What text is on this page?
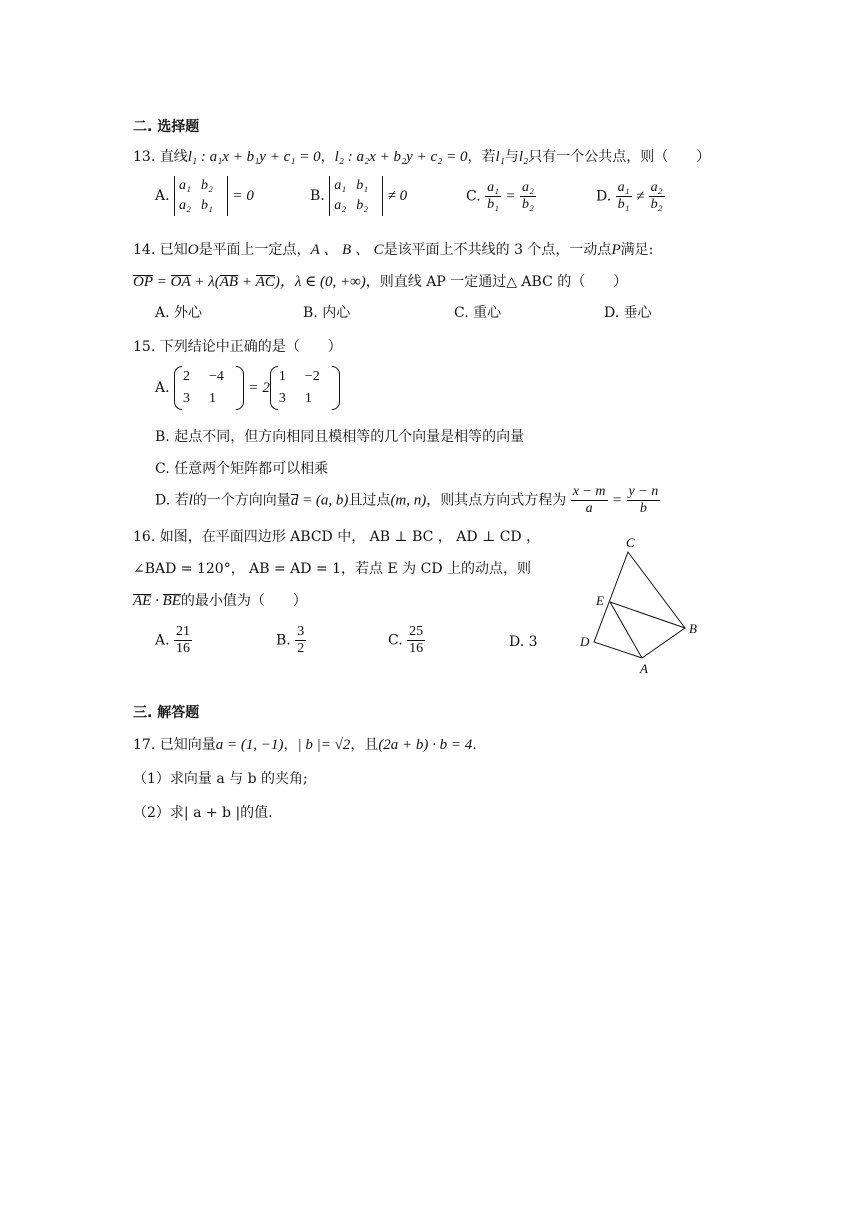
二. 选择题
13. 直线l₁ : a₁x + b₁y + c₁ = 0，l₂ : a₂x + b₂y + c₂ = 0，若l₁与l₂只有一个公共点，则（　　）
A. a₁ b₂
a₂ b₁ = 0	B. a₁ b₁
a₂ b₂ ≠ 0	C. $\frac{\text{a₁}}{\text{b₁}} = \frac{\text{a₂}}{\text{b₂}}$	D. $\frac{\text{a₁}}{\text{b₁}} \ne \frac{\text{a₂}}{\text{b₂}}$
14. 已知O是平面上一定点，A 、 B 、 C是该平面上不共线的 3 个点，一动点P满足:
OP = OA + λ(AB + AC)，λ ∈ (0, +∞)，则直线 AP 一定通过△ ABC 的（　　）
A. 外心	B. 内心	C. 重心	D. 垂心
15. 下列结论中正确的是（　　）
A. 2 −4
3 1 = 21 −2
3 1
B. 起点不同，但方向相同且模相等的几个向量是相等的向量
C. 任意两个矩阵都可以相乘
D. 若l的一个方向向量d = (a, b)且过点(m, n)，则其点方向式方程为 $\frac{x - m}{a} = \frac{y - n}{b}$
16. 如图，在平面四边形 ABCD 中， AB ⊥ BC ， AD ⊥ CD ，
∠BAD = 120°， AB = AD = 1，若点 E 为 CD 上的动点，则
AE · BE的最小值为（　　）
A. $\frac{21}{16}$	B. $\frac{3}{2}$	C. $\frac{25}{16}$	D. 3
C
E
B
D
A
三. 解答题
17. 已知向量a = (1, −1)，| b |= √2，且(2a + b) · b = 4.
（1）求向量 a 与 b 的夹角;
（2）求| a + b |的值.
